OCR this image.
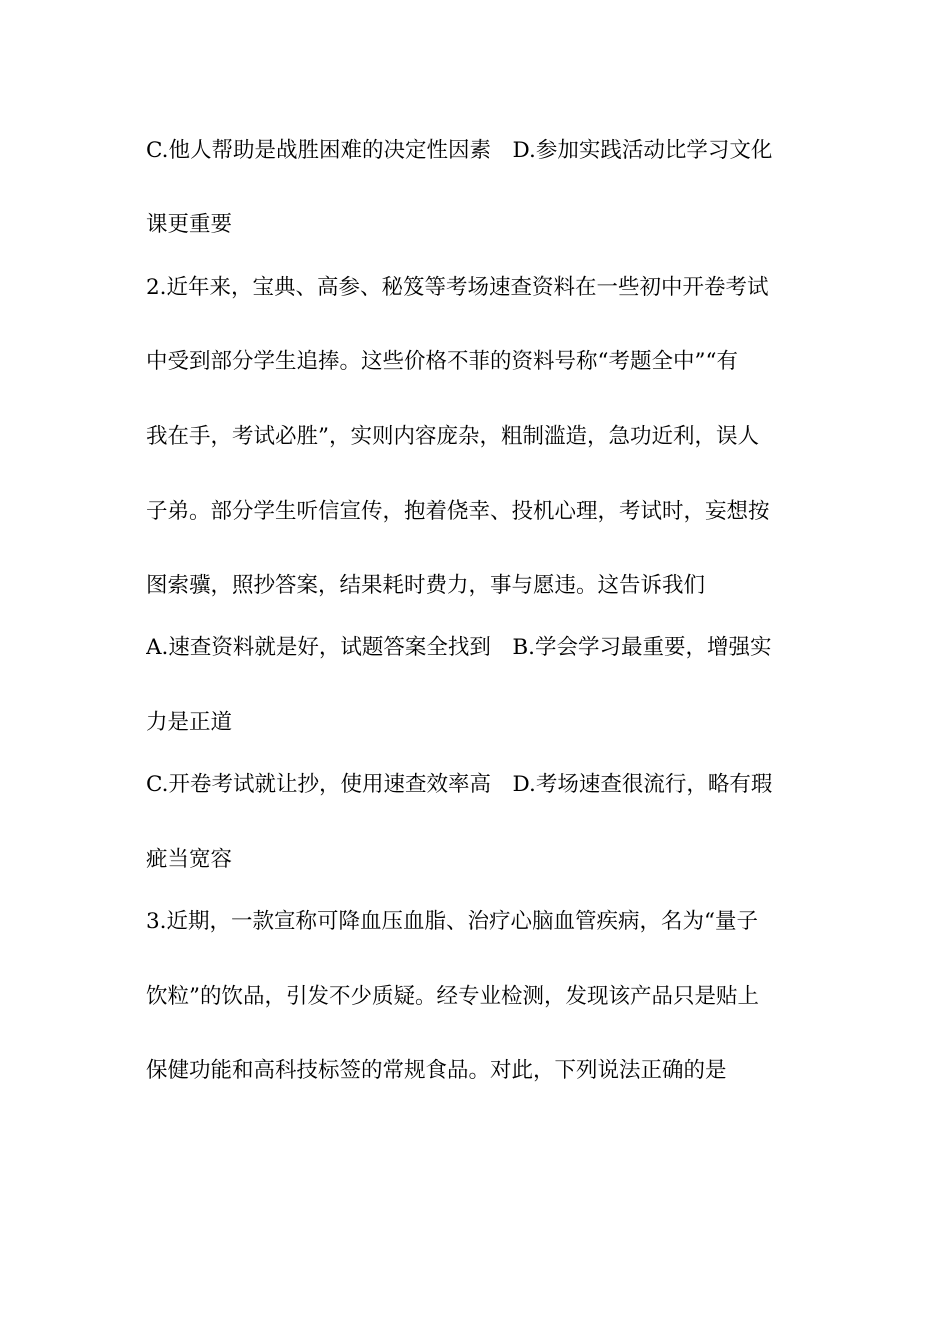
C.他人帮助是战胜困难的决定性因素　D.参加实践活动比学习文化
课更重要
2.近年来，宝典、高参、秘笈等考场速查资料在一些初中开卷考试
中受到部分学生追捧。这些价格不菲的资料号称“考题全中”“有
我在手，考试必胜”，实则内容庞杂，粗制滥造，急功近利，误人
子弟。部分学生听信宣传，抱着侥幸、投机心理，考试时，妄想按
图索骥，照抄答案，结果耗时费力，事与愿违。这告诉我们
A.速查资料就是好，试题答案全找到　B.学会学习最重要，增强实
力是正道
C.开卷考试就让抄，使用速查效率高　D.考场速查很流行，略有瑕
疵当宽容
3.近期，一款宣称可降血压血脂、治疗心脑血管疾病，名为“量子
饮粒”的饮品，引发不少质疑。经专业检测，发现该产品只是贴上
保健功能和高科技标签的常规食品。对此，下列说法正确的是
